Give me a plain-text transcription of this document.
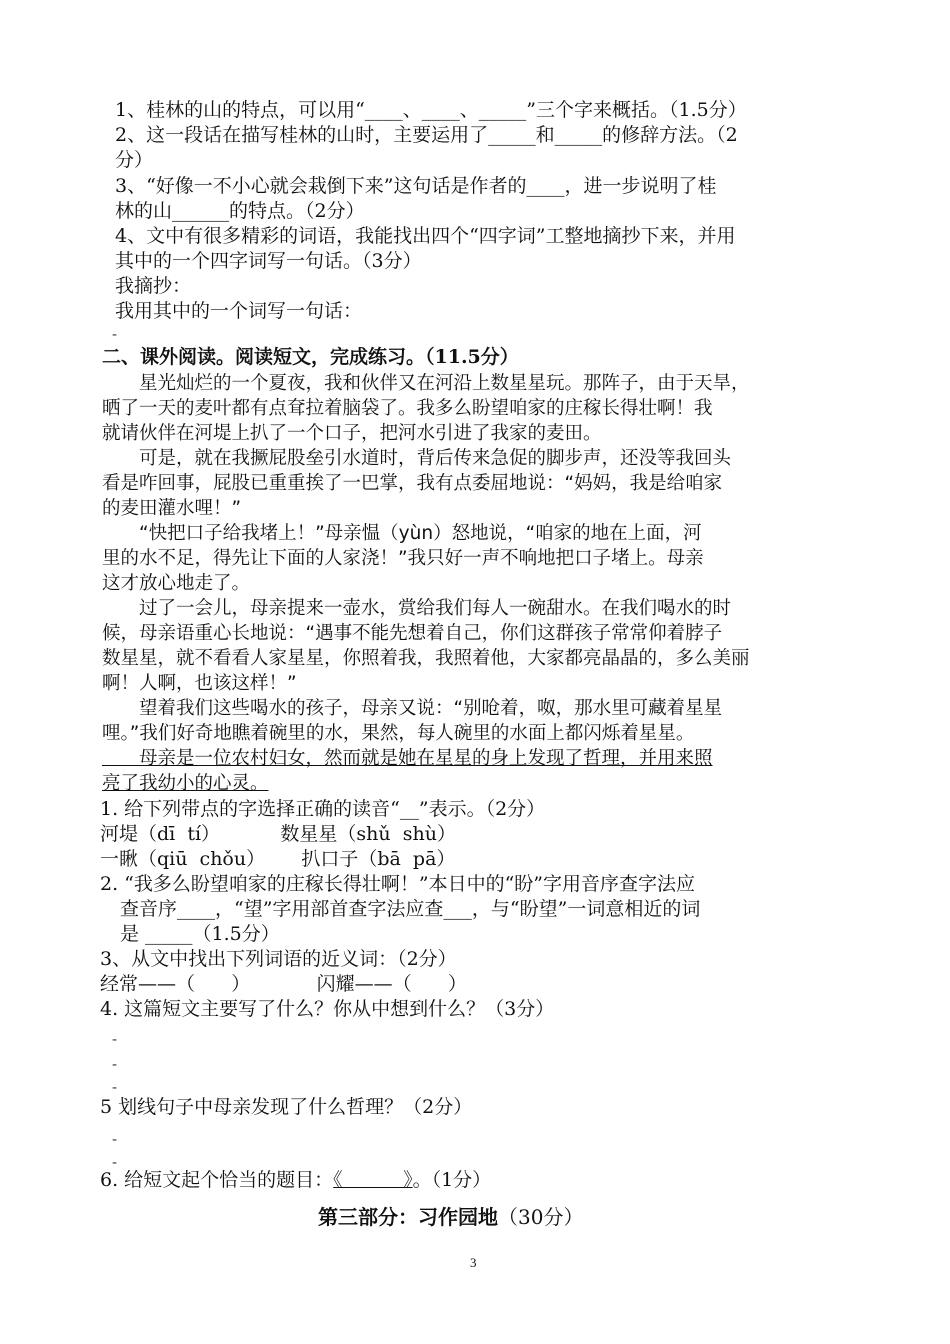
1、桂林的山的特点，可以用“____、____、_____”三个字来概括。（1.5分）
2、这一段话在描写桂林的山时，主要运用了_____和_____的修辞方法。（2
分）
3、“好像一不小心就会栽倒下来”这句话是作者的____，进一步说明了桂
林的山______的特点。（2分）
4、文中有很多精彩的词语，我能找出四个“四字词”工整地摘抄下来，并用
其中的一个四字词写一句话。（3分）
我摘抄：
我用其中的一个词写一句话：
-
二、课外阅读。阅读短文，完成练习。（11.5分）
　　星光灿烂的一个夏夜，我和伙伴又在河沿上数星星玩。那阵子，由于天旱，
晒了一天的麦叶都有点耷拉着脑袋了。我多么盼望咱家的庄稼长得壮啊！我
就请伙伴在河堤上扒了一个口子，把河水引进了我家的麦田。
　　可是，就在我撅屁股垒引水道时，背后传来急促的脚步声，还没等我回头
看是咋回事，屁股已重重挨了一巴掌，我有点委屈地说：“妈妈，我是给咱家
的麦田灌水哩！”
　　“快把口子给我堵上！”母亲愠（yùn）怒地说，“咱家的地在上面，河
里的水不足，得先让下面的人家浇！”我只好一声不响地把口子堵上。母亲
这才放心地走了。
　　过了一会儿，母亲提来一壶水，赏给我们每人一碗甜水。在我们喝水的时
候，母亲语重心长地说：“遇事不能先想着自己，你们这群孩子常常仰着脖子
数星星，就不看看人家星星，你照着我，我照着他，大家都亮晶晶的，多么美丽
啊！人啊，也该这样！”
　　望着我们这些喝水的孩子，母亲又说：“别呛着，呶，那水里可藏着星星
哩。”我们好奇地瞧着碗里的水，果然，每人碗里的水面上都闪烁着星星。
　　母亲是一位农村妇女，然而就是她在星星的身上发现了哲理，并用来照
亮了我幼小的心灵。
1. 给下列带点的字选择正确的读音“__”表示。（2分）
河堤（dī  tí）          数星星（shǔ  shù）
一瞅（qiū  chǒu）      扒口子（bā  pā）
2. “我多么盼望咱家的庄稼长得壮啊！”本日中的“盼”字用音序查字法应
查音序____，“望”字用部首查字法应查___，与“盼望”一词意相近的词
是 _____（1.5分）
3、从文中找出下列词语的近义词：（2分）
经常——（      ）           闪耀——（      ）
4. 这篇短文主要写了什么？你从中想到什么？（3分）
-
-
-
5 划线句子中母亲发现了什么哲理？（2分）
-
-
6. 给短文起个恰当的题目：《          》。（1分）
第三部分：习作园地（30分）
3
